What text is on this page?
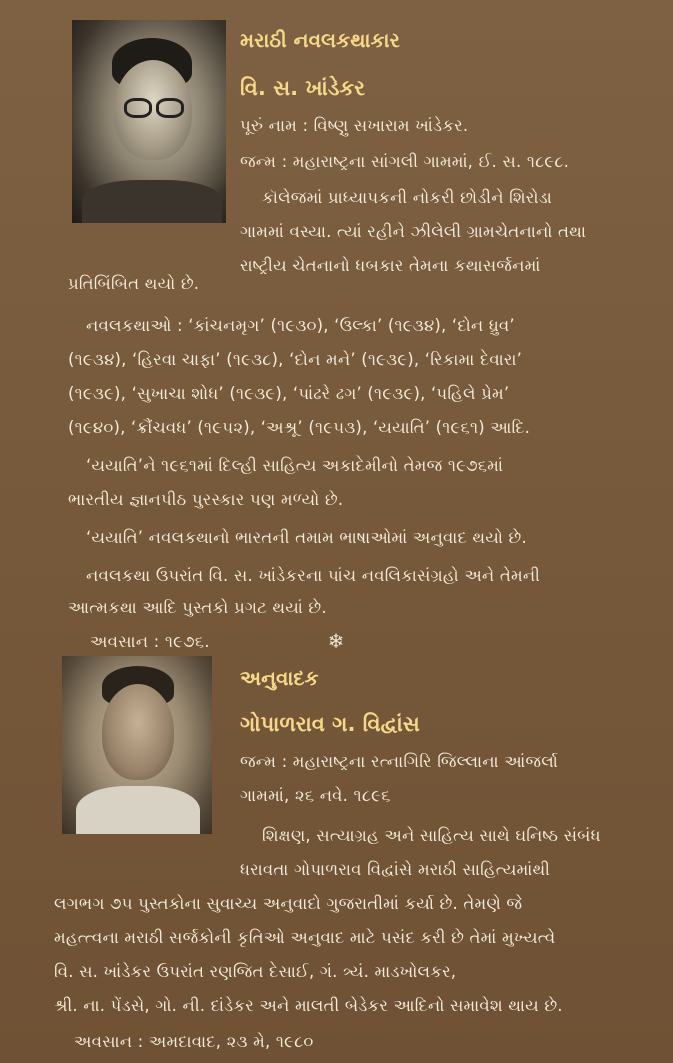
મરાઠી નવલકથાકાર
વિ. સ. ખાંડેકર
પૂરું નામ : વિષ્ણુ સખારામ ખાંડેકર.
જન્મ : મહારાષ્ટ્રના સાંગલી ગામમાં, ઈ. સ. ૧૮૯૮.
કૉલેજમાં પ્રાધ્યાપકની નોકરી છોડીને શિરોડા
ગામમાં વસ્યા. ત્યાં રહીને ઝીલેલી ગ્રામચેતનાનો તથા
રાષ્ટ્રીય ચેતનાનો ધબકાર તેમના કથાસર્જનમાં
પ્રતિબિંબિત થયો છે.
નવલકથાઓ : ‘કાંચનમૃગ’ (૧૯૩૦), ‘ઉલ્કા’ (૧૯૩૪), ‘દોન ધ્રુવ’
(૧૯૩૪), ‘હિરવા ચાફા’ (૧૯૩૮), ‘દોન મને’ (૧૯૩૯), ‘રિકામા દેવારા’
(૧૯૩૯), ‘સુખાચા શોધ’ (૧૯૩૯), ‘પાંઢરે ઢગ’ (૧૯૩૯), ‘પહિલે પ્રેમ’
(૧૯૪૦), ‘ક્રૌંચવધ’ (૧૯૫૨), ‘અશ્રૂ’ (૧૯૫૩), ‘યયાતિ’ (૧૯૬૧) આદિ.
‘યયાતિ’ને ૧૯૬૧માં દિલ્હી સાહિત્ય અકાદેમીનો તેમજ ૧૯૭૬માં
ભારતીય જ્ઞાનપીઠ પુરસ્કાર પણ મળ્યો છે.
‘યયાતિ’ નવલકથાનો ભારતની તમામ ભાષાઓમાં અનુવાદ થયો છે.
નવલકથા ઉપરાંત વિ. સ. ખાંડેકરના પાંચ નવલિકાસંગ્રહો અને તેમની
આત્મકથા આદિ પુસ્તકો પ્રગટ થયાં છે.
અવસાન : ૧૯૭૬.	❄
અનુવાદક
ગોપાળરાવ ગ. વિદ્વાંસ
જન્મ : મહારાષ્ટ્રના રત્નાગિરિ જિલ્લાના આંજર્લા
ગામમાં, ૨૬ નવે. ૧૮૯૬
શિક્ષણ, સત્યાગ્રહ અને સાહિત્ય સાથે ઘનિષ્ઠ સંબંધ
ધરાવતા ગોપાળરાવ વિદ્વાંસે મરાઠી સાહિત્યમાંથી
લગભગ ૭૫ પુસ્તકોના સુવાચ્ય અનુવાદો ગુજરાતીમાં કર્યા છે. તેમણે જે
મહત્ત્વના મરાઠી સર્જકોની કૃતિઓ અનુવાદ માટે પસંદ કરી છે તેમાં મુખ્યત્વે
વિ. સ. ખાંડેકર ઉપરાંત રણજિત દેસાઈ, ગં. ત્ર્યં. માડખોલકર,
શ્રી. ના. પેંડસે, ગો. ની. દાંડેકર અને માલતી બેડેકર આદિનો સમાવેશ થાય છે.
અવસાન : અમદાવાદ, ૨૩ મે, ૧૯૮૦
